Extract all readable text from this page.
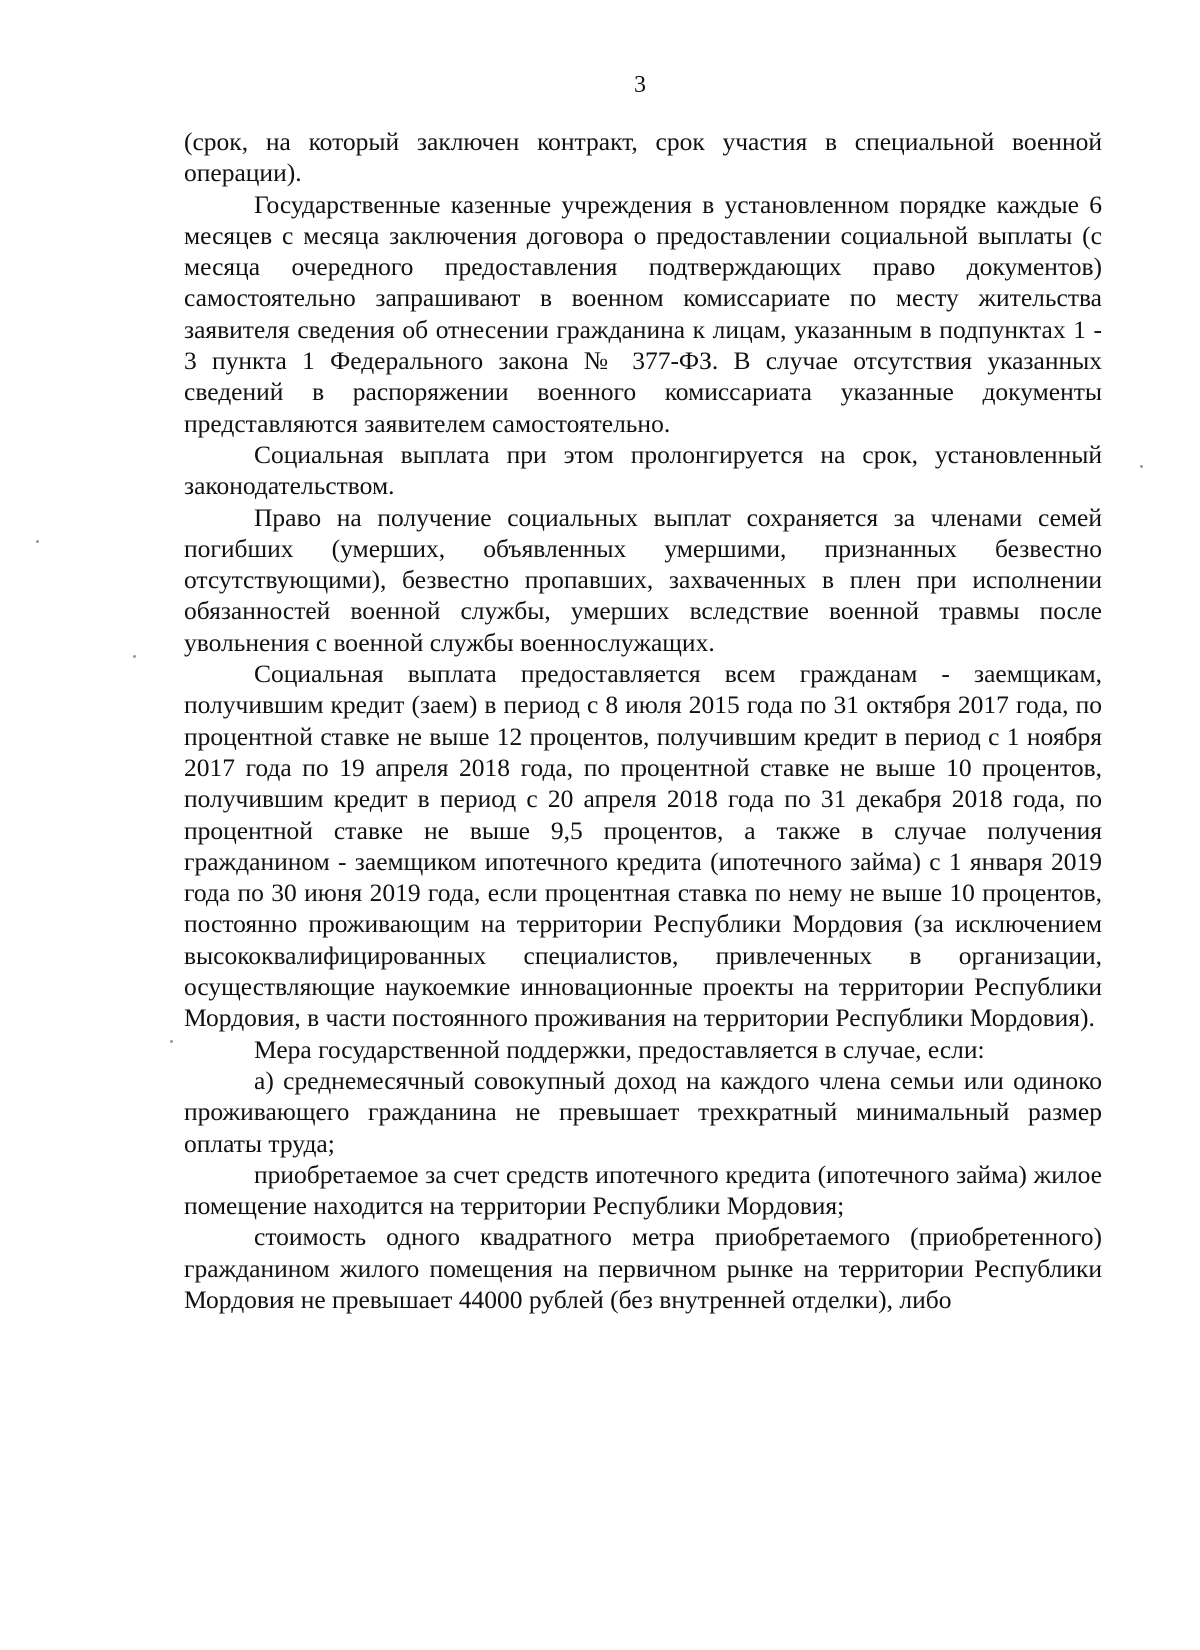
3

(срок, на который заключен контракт, срок участия в специальной военной операции).

Государственные казенные учреждения в установленном порядке каждые 6 месяцев с месяца заключения договора о предоставлении социальной выплаты (с месяца очередного предоставления подтверждающих право документов) самостоятельно запрашивают в военном комиссариате по месту жительства заявителя сведения об отнесении гражданина к лицам, указанным в подпунктах 1 - 3 пункта 1 Федерального закона № 377-ФЗ. В случае отсутствия указанных сведений в распоряжении военного комиссариата указанные документы представляются заявителем самостоятельно.

Социальная выплата при этом пролонгируется на срок, установленный законодательством.

Право на получение социальных выплат сохраняется за членами семей погибших (умерших, объявленных умершими, признанных безвестно отсутствующими), безвестно пропавших, захваченных в плен при исполнении обязанностей военной службы, умерших вследствие военной травмы после увольнения с военной службы военнослужащих.

Социальная выплата предоставляется всем гражданам - заемщикам, получившим кредит (заем) в период с 8 июля 2015 года по 31 октября 2017 года, по процентной ставке не выше 12 процентов, получившим кредит в период с 1 ноября 2017 года по 19 апреля 2018 года, по процентной ставке не выше 10 процентов, получившим кредит в период с 20 апреля 2018 года по 31 декабря 2018 года, по процентной ставке не выше 9,5 процентов, а также в случае получения гражданином - заемщиком ипотечного кредита (ипотечного займа) с 1 января 2019 года по 30 июня 2019 года, если процентная ставка по нему не выше 10 процентов, постоянно проживающим на территории Республики Мордовия (за исключением высококвалифицированных специалистов, привлеченных в организации, осуществляющие наукоемкие инновационные проекты на территории Республики Мордовия, в части постоянного проживания на территории Республики Мордовия).

Мера государственной поддержки, предоставляется в случае, если:

а) среднемесячный совокупный доход на каждого члена семьи или одиноко проживающего гражданина не превышает трехкратный минимальный размер оплаты труда;

приобретаемое за счет средств ипотечного кредита (ипотечного займа) жилое помещение находится на территории Республики Мордовия;

стоимость одного квадратного метра приобретаемого (приобретенного) гражданином жилого помещения на первичном рынке на территории Республики Мордовия не превышает 44000 рублей (без внутренней отделки), либо
